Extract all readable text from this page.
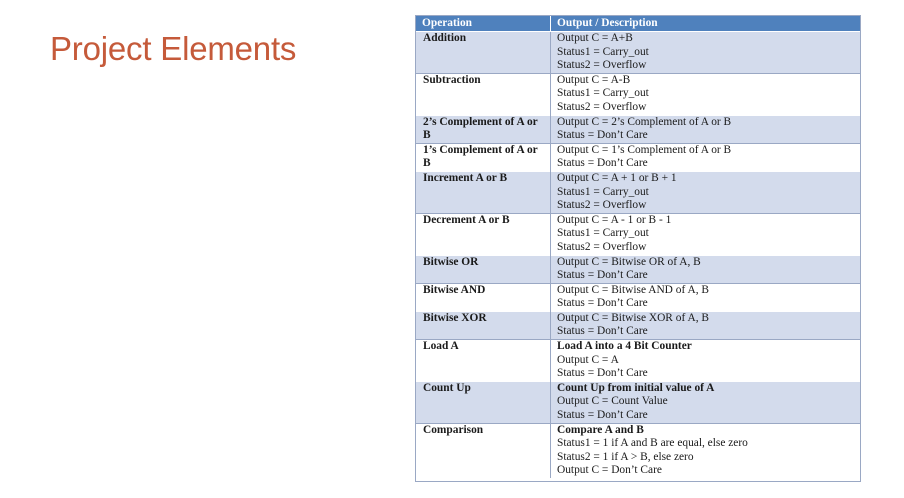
Project Elements
Operation	Output / Description
Addition	Output C = A+B
Status1 = Carry_out
Status2 = Overflow

Subtraction	Output C = A-B
Status1 = Carry_out
Status2 = Overflow

2’s Complement of A or B	Output C = 2’s Complement of A or B
Status = Don’t Care

1’s Complement of A or B	Output C = 1’s Complement of A or B
Status = Don’t Care

Increment A or B	Output C = A + 1 or B + 1
Status1 = Carry_out
Status2 = Overflow

Decrement A or B	Output C = A - 1 or B - 1
Status1 = Carry_out
Status2 = Overflow

Bitwise OR	Output C = Bitwise OR of A, B
Status = Don’t Care

Bitwise AND	Output C = Bitwise AND of A, B
Status = Don’t Care

Bitwise XOR	Output C = Bitwise XOR of A, B
Status = Don’t Care

Load A	Load A into a 4 Bit Counter
Output C = A
Status = Don’t Care

Count Up	Count Up from initial value of A
Output C = Count Value
Status = Don’t Care

Comparison	Compare A and B
Status1 = 1 if A and B are equal, else zero
Status2 = 1 if A > B, else zero
Output C = Don’t Care
